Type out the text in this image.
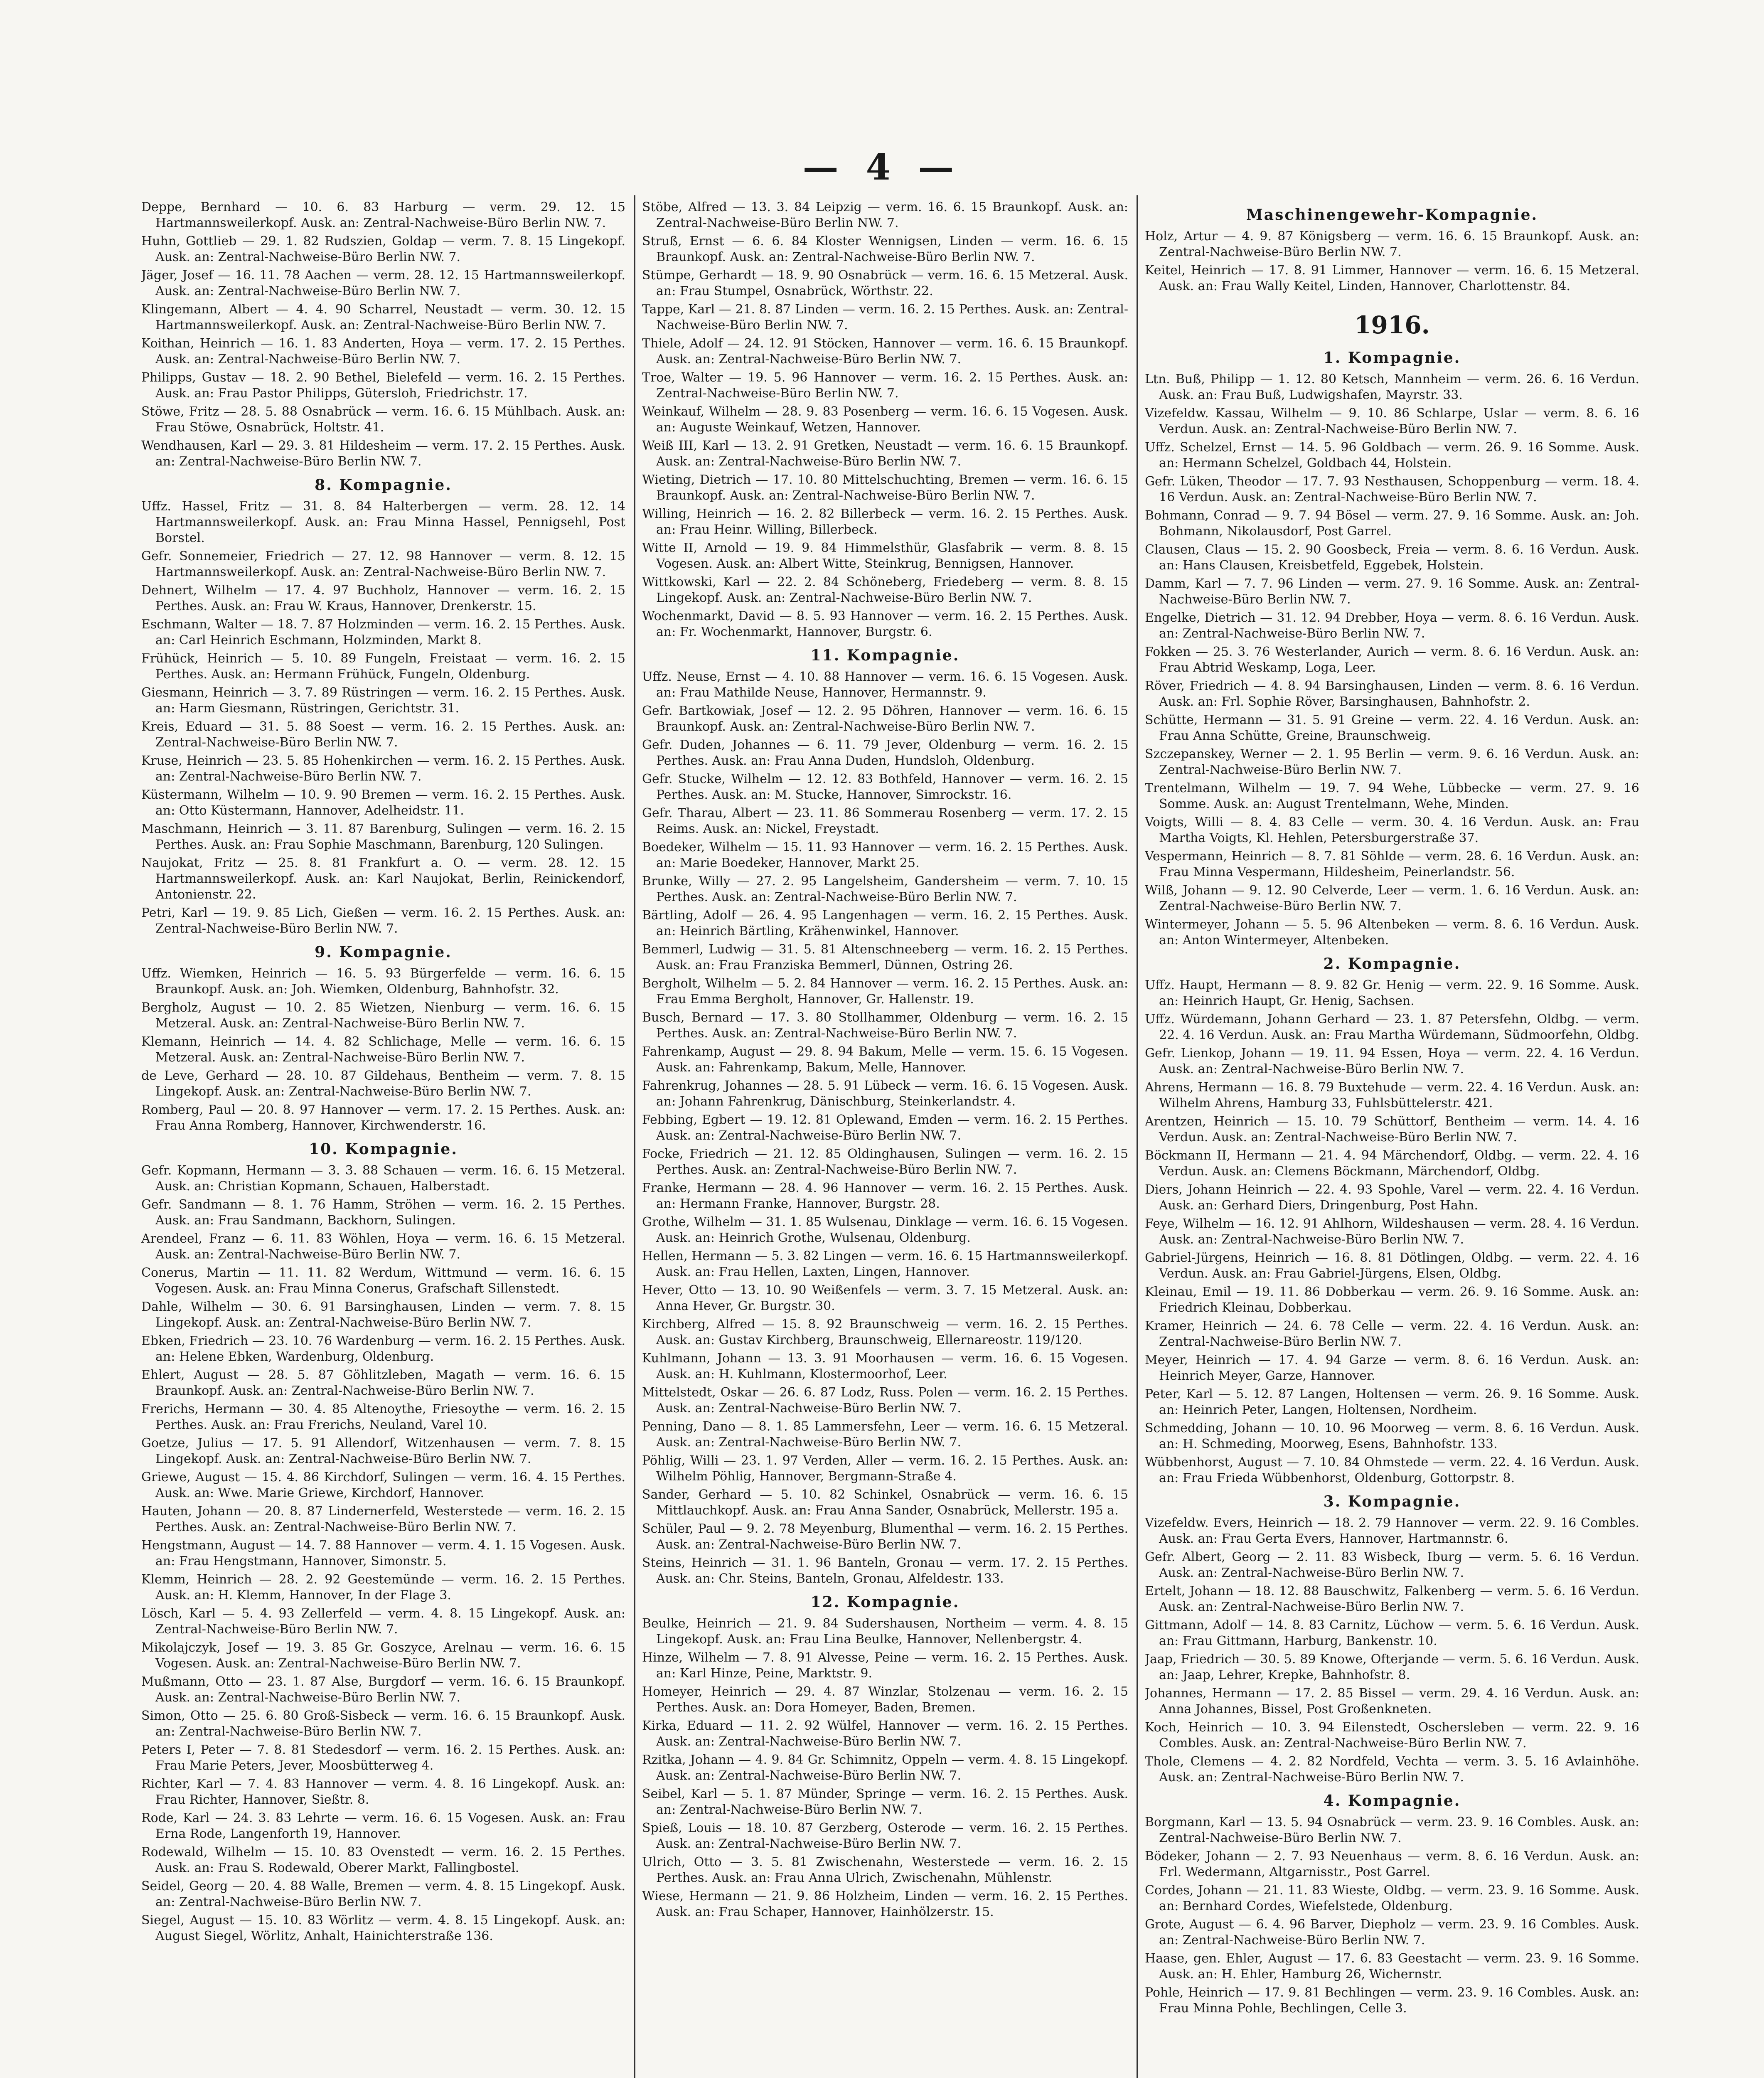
— 4 —
Deppe, Bernhard — 10. 6. 83 Harburg — verm. 29. 12. 15 Hartmannsweilerkopf. Ausk. an: Zentral-Nachweise-Büro Berlin NW. 7.
Huhn, Gottlieb — 29. 1. 82 Rudszien, Goldap — verm. 7. 8. 15 Lingekopf. Ausk. an: Zentral-Nachweise-Büro Berlin NW. 7.
Jäger, Josef — 16. 11. 78 Aachen — verm. 28. 12. 15 Hartmannsweilerkopf. Ausk. an: Zentral-Nachweise-Büro Berlin NW. 7.
Klingemann, Albert — 4. 4. 90 Scharrel, Neustadt — verm. 30. 12. 15 Hartmannsweilerkopf. Ausk. an: Zentral-Nachweise-Büro Berlin NW. 7.
Koithan, Heinrich — 16. 1. 83 Anderten, Hoya — verm. 17. 2. 15 Perthes. Ausk. an: Zentral-Nachweise-Büro Berlin NW. 7.
Philipps, Gustav — 18. 2. 90 Bethel, Bielefeld — verm. 16. 2. 15 Perthes. Ausk. an: Frau Pastor Philipps, Gütersloh, Friedrichstr. 17.
Stöwe, Fritz — 28. 5. 88 Osnabrück — verm. 16. 6. 15 Mühlbach. Ausk. an: Frau Stöwe, Osnabrück, Holtstr. 41.
Wendhausen, Karl — 29. 3. 81 Hildesheim — verm. 17. 2. 15 Perthes. Ausk. an: Zentral-Nachweise-Büro Berlin NW. 7.
8. Kompagnie.
Uffz. Hassel, Fritz — 31. 8. 84 Halterbergen — verm. 28. 12. 14 Hartmannsweilerkopf. Ausk. an: Frau Minna Hassel, Pennigsehl, Post Borstel.
Gefr. Sonnemeier, Friedrich — 27. 12. 98 Hannover — verm. 8. 12. 15 Hartmannsweilerkopf. Ausk. an: Zentral-Nachweise-Büro Berlin NW. 7.
Dehnert, Wilhelm — 17. 4. 97 Buchholz, Hannover — verm. 16. 2. 15 Perthes. Ausk. an: Frau W. Kraus, Hannover, Drenkerstr. 15.
Eschmann, Walter — 18. 7. 87 Holzminden — verm. 16. 2. 15 Perthes. Ausk. an: Carl Heinrich Eschmann, Holzminden, Markt 8.
Frühück, Heinrich — 5. 10. 89 Fungeln, Freistaat — verm. 16. 2. 15 Perthes. Ausk. an: Hermann Frühück, Fungeln, Oldenburg.
Giesmann, Heinrich — 3. 7. 89 Rüstringen — verm. 16. 2. 15 Perthes. Ausk. an: Harm Giesmann, Rüstringen, Gerichtstr. 31.
Kreis, Eduard — 31. 5. 88 Soest — verm. 16. 2. 15 Perthes. Ausk. an: Zentral-Nachweise-Büro Berlin NW. 7.
Kruse, Heinrich — 23. 5. 85 Hohenkirchen — verm. 16. 2. 15 Perthes. Ausk. an: Zentral-Nachweise-Büro Berlin NW. 7.
Küstermann, Wilhelm — 10. 9. 90 Bremen — verm. 16. 2. 15 Perthes. Ausk. an: Otto Küstermann, Hannover, Adelheidstr. 11.
Maschmann, Heinrich — 3. 11. 87 Barenburg, Sulingen — verm. 16. 2. 15 Perthes. Ausk. an: Frau Sophie Maschmann, Barenburg, 120 Sulingen.
Naujokat, Fritz — 25. 8. 81 Frankfurt a. O. — verm. 28. 12. 15 Hartmannsweilerkopf. Ausk. an: Karl Naujokat, Berlin, Reinickendorf, Antonienstr. 22.
Petri, Karl — 19. 9. 85 Lich, Gießen — verm. 16. 2. 15 Perthes. Ausk. an: Zentral-Nachweise-Büro Berlin NW. 7.
9. Kompagnie.
Uffz. Wiemken, Heinrich — 16. 5. 93 Bürgerfelde — verm. 16. 6. 15 Braunkopf. Ausk. an: Joh. Wiemken, Oldenburg, Bahnhofstr. 32.
Bergholz, August — 10. 2. 85 Wietzen, Nienburg — verm. 16. 6. 15 Metzeral. Ausk. an: Zentral-Nachweise-Büro Berlin NW. 7.
Klemann, Heinrich — 14. 4. 82 Schlichage, Melle — verm. 16. 6. 15 Metzeral. Ausk. an: Zentral-Nachweise-Büro Berlin NW. 7.
de Leve, Gerhard — 28. 10. 87 Gildehaus, Bentheim — verm. 7. 8. 15 Lingekopf. Ausk. an: Zentral-Nachweise-Büro Berlin NW. 7.
Romberg, Paul — 20. 8. 97 Hannover — verm. 17. 2. 15 Perthes. Ausk. an: Frau Anna Romberg, Hannover, Kirchwenderstr. 16.
10. Kompagnie.
Gefr. Kopmann, Hermann — 3. 3. 88 Schauen — verm. 16. 6. 15 Metzeral. Ausk. an: Christian Kopmann, Schauen, Halberstadt.
Gefr. Sandmann — 8. 1. 76 Hamm, Ströhen — verm. 16. 2. 15 Perthes. Ausk. an: Frau Sandmann, Backhorn, Sulingen.
Arendeel, Franz — 6. 11. 83 Wöhlen, Hoya — verm. 16. 6. 15 Metzeral. Ausk. an: Zentral-Nachweise-Büro Berlin NW. 7.
Conerus, Martin — 11. 11. 82 Werdum, Wittmund — verm. 16. 6. 15 Vogesen. Ausk. an: Frau Minna Conerus, Grafschaft Sillenstedt.
Dahle, Wilhelm — 30. 6. 91 Barsinghausen, Linden — verm. 7. 8. 15 Lingekopf. Ausk. an: Zentral-Nachweise-Büro Berlin NW. 7.
Ebken, Friedrich — 23. 10. 76 Wardenburg — verm. 16. 2. 15 Perthes. Ausk. an: Helene Ebken, Wardenburg, Oldenburg.
Ehlert, August — 28. 5. 87 Göhlitzleben, Magath — verm. 16. 6. 15 Braunkopf. Ausk. an: Zentral-Nachweise-Büro Berlin NW. 7.
Frerichs, Hermann — 30. 4. 85 Altenoythe, Friesoythe — verm. 16. 2. 15 Perthes. Ausk. an: Frau Frerichs, Neuland, Varel 10.
Goetze, Julius — 17. 5. 91 Allendorf, Witzenhausen — verm. 7. 8. 15 Lingekopf. Ausk. an: Zentral-Nachweise-Büro Berlin NW. 7.
Griewe, August — 15. 4. 86 Kirchdorf, Sulingen — verm. 16. 4. 15 Perthes. Ausk. an: Wwe. Marie Griewe, Kirchdorf, Hannover.
Hauten, Johann — 20. 8. 87 Lindernerfeld, Westerstede — verm. 16. 2. 15 Perthes. Ausk. an: Zentral-Nachweise-Büro Berlin NW. 7.
Hengstmann, August — 14. 7. 88 Hannover — verm. 4. 1. 15 Vogesen. Ausk. an: Frau Hengstmann, Hannover, Simonstr. 5.
Klemm, Heinrich — 28. 2. 92 Geestemünde — verm. 16. 2. 15 Perthes. Ausk. an: H. Klemm, Hannover, In der Flage 3.
Lösch, Karl — 5. 4. 93 Zellerfeld — verm. 4. 8. 15 Lingekopf. Ausk. an: Zentral-Nachweise-Büro Berlin NW. 7.
Mikolajczyk, Josef — 19. 3. 85 Gr. Goszyce, Arelnau — verm. 16. 6. 15 Vogesen. Ausk. an: Zentral-Nachweise-Büro Berlin NW. 7.
Mußmann, Otto — 23. 1. 87 Alse, Burgdorf — verm. 16. 6. 15 Braunkopf. Ausk. an: Zentral-Nachweise-Büro Berlin NW. 7.
Simon, Otto — 25. 6. 80 Groß-Sisbeck — verm. 16. 6. 15 Braunkopf. Ausk. an: Zentral-Nachweise-Büro Berlin NW. 7.
Peters I, Peter — 7. 8. 81 Stedesdorf — verm. 16. 2. 15 Perthes. Ausk. an: Frau Marie Peters, Jever, Moosbütterweg 4.
Richter, Karl — 7. 4. 83 Hannover — verm. 4. 8. 16 Lingekopf. Ausk. an: Frau Richter, Hannover, Sießtr. 8.
Rode, Karl — 24. 3. 83 Lehrte — verm. 16. 6. 15 Vogesen. Ausk. an: Frau Erna Rode, Langenforth 19, Hannover.
Rodewald, Wilhelm — 15. 10. 83 Ovenstedt — verm. 16. 2. 15 Perthes. Ausk. an: Frau S. Rodewald, Oberer Markt, Fallingbostel.
Seidel, Georg — 20. 4. 88 Walle, Bremen — verm. 4. 8. 15 Lingekopf. Ausk. an: Zentral-Nachweise-Büro Berlin NW. 7.
Siegel, August — 15. 10. 83 Wörlitz — verm. 4. 8. 15 Lingekopf. Ausk. an: August Siegel, Wörlitz, Anhalt, Hainichterstraße 136.
Stöbe, Alfred — 13. 3. 84 Leipzig — verm. 16. 6. 15 Braunkopf. Ausk. an: Zentral-Nachweise-Büro Berlin NW. 7.
Struß, Ernst — 6. 6. 84 Kloster Wennigsen, Linden — verm. 16. 6. 15 Braunkopf. Ausk. an: Zentral-Nachweise-Büro Berlin NW. 7.
Stümpe, Gerhardt — 18. 9. 90 Osnabrück — verm. 16. 6. 15 Metzeral. Ausk. an: Frau Stumpel, Osnabrück, Wörthstr. 22.
Tappe, Karl — 21. 8. 87 Linden — verm. 16. 2. 15 Perthes. Ausk. an: Zentral-Nachweise-Büro Berlin NW. 7.
Thiele, Adolf — 24. 12. 91 Stöcken, Hannover — verm. 16. 6. 15 Braunkopf. Ausk. an: Zentral-Nachweise-Büro Berlin NW. 7.
Troe, Walter — 19. 5. 96 Hannover — verm. 16. 2. 15 Perthes. Ausk. an: Zentral-Nachweise-Büro Berlin NW. 7.
Weinkauf, Wilhelm — 28. 9. 83 Posenberg — verm. 16. 6. 15 Vogesen. Ausk. an: Auguste Weinkauf, Wetzen, Hannover.
Weiß III, Karl — 13. 2. 91 Gretken, Neustadt — verm. 16. 6. 15 Braunkopf. Ausk. an: Zentral-Nachweise-Büro Berlin NW. 7.
Wieting, Dietrich — 17. 10. 80 Mittelschuchting, Bremen — verm. 16. 6. 15 Braunkopf. Ausk. an: Zentral-Nachweise-Büro Berlin NW. 7.
Willing, Heinrich — 16. 2. 82 Billerbeck — verm. 16. 2. 15 Perthes. Ausk. an: Frau Heinr. Willing, Billerbeck.
Witte II, Arnold — 19. 9. 84 Himmelsthür, Glasfabrik — verm. 8. 8. 15 Vogesen. Ausk. an: Albert Witte, Steinkrug, Bennigsen, Hannover.
Wittkowski, Karl — 22. 2. 84 Schöneberg, Friedeberg — verm. 8. 8. 15 Lingekopf. Ausk. an: Zentral-Nachweise-Büro Berlin NW. 7.
Wochenmarkt, David — 8. 5. 93 Hannover — verm. 16. 2. 15 Perthes. Ausk. an: Fr. Wochenmarkt, Hannover, Burgstr. 6.
11. Kompagnie.
Uffz. Neuse, Ernst — 4. 10. 88 Hannover — verm. 16. 6. 15 Vogesen. Ausk. an: Frau Mathilde Neuse, Hannover, Hermannstr. 9.
Gefr. Bartkowiak, Josef — 12. 2. 95 Döhren, Hannover — verm. 16. 6. 15 Braunkopf. Ausk. an: Zentral-Nachweise-Büro Berlin NW. 7.
Gefr. Duden, Johannes — 6. 11. 79 Jever, Oldenburg — verm. 16. 2. 15 Perthes. Ausk. an: Frau Anna Duden, Hundsloh, Oldenburg.
Gefr. Stucke, Wilhelm — 12. 12. 83 Bothfeld, Hannover — verm. 16. 2. 15 Perthes. Ausk. an: M. Stucke, Hannover, Simrockstr. 16.
Gefr. Tharau, Albert — 23. 11. 86 Sommerau Rosenberg — verm. 17. 2. 15 Reims. Ausk. an: Nickel, Freystadt.
Boedeker, Wilhelm — 15. 11. 93 Hannover — verm. 16. 2. 15 Perthes. Ausk. an: Marie Boedeker, Hannover, Markt 25.
Brunke, Willy — 27. 2. 95 Langelsheim, Gandersheim — verm. 7. 10. 15 Perthes. Ausk. an: Zentral-Nachweise-Büro Berlin NW. 7.
Bärtling, Adolf — 26. 4. 95 Langenhagen — verm. 16. 2. 15 Perthes. Ausk. an: Heinrich Bärtling, Krähenwinkel, Hannover.
Bemmerl, Ludwig — 31. 5. 81 Altenschneeberg — verm. 16. 2. 15 Perthes. Ausk. an: Frau Franziska Bemmerl, Dünnen, Ostring 26.
Bergholt, Wilhelm — 5. 2. 84 Hannover — verm. 16. 2. 15 Perthes. Ausk. an: Frau Emma Bergholt, Hannover, Gr. Hallenstr. 19.
Busch, Bernard — 17. 3. 80 Stollhammer, Oldenburg — verm. 16. 2. 15 Perthes. Ausk. an: Zentral-Nachweise-Büro Berlin NW. 7.
Fahrenkamp, August — 29. 8. 94 Bakum, Melle — verm. 15. 6. 15 Vogesen. Ausk. an: Fahrenkamp, Bakum, Melle, Hannover.
Fahrenkrug, Johannes — 28. 5. 91 Lübeck — verm. 16. 6. 15 Vogesen. Ausk. an: Johann Fahrenkrug, Dänischburg, Steinkerlandstr. 4.
Febbing, Egbert — 19. 12. 81 Oplewand, Emden — verm. 16. 2. 15 Perthes. Ausk. an: Zentral-Nachweise-Büro Berlin NW. 7.
Focke, Friedrich — 21. 12. 85 Oldinghausen, Sulingen — verm. 16. 2. 15 Perthes. Ausk. an: Zentral-Nachweise-Büro Berlin NW. 7.
Franke, Hermann — 28. 4. 96 Hannover — verm. 16. 2. 15 Perthes. Ausk. an: Hermann Franke, Hannover, Burgstr. 28.
Grothe, Wilhelm — 31. 1. 85 Wulsenau, Dinklage — verm. 16. 6. 15 Vogesen. Ausk. an: Heinrich Grothe, Wulsenau, Oldenburg.
Hellen, Hermann — 5. 3. 82 Lingen — verm. 16. 6. 15 Hartmannsweilerkopf. Ausk. an: Frau Hellen, Laxten, Lingen, Hannover.
Hever, Otto — 13. 10. 90 Weißenfels — verm. 3. 7. 15 Metzeral. Ausk. an: Anna Hever, Gr. Burgstr. 30.
Kirchberg, Alfred — 15. 8. 92 Braunschweig — verm. 16. 2. 15 Perthes. Ausk. an: Gustav Kirchberg, Braunschweig, Ellernareostr. 119/120.
Kuhlmann, Johann — 13. 3. 91 Moorhausen — verm. 16. 6. 15 Vogesen. Ausk. an: H. Kuhlmann, Klostermoorhof, Leer.
Mittelstedt, Oskar — 26. 6. 87 Lodz, Russ. Polen — verm. 16. 2. 15 Perthes. Ausk. an: Zentral-Nachweise-Büro Berlin NW. 7.
Penning, Dano — 8. 1. 85 Lammersfehn, Leer — verm. 16. 6. 15 Metzeral. Ausk. an: Zentral-Nachweise-Büro Berlin NW. 7.
Pöhlig, Willi — 23. 1. 97 Verden, Aller — verm. 16. 2. 15 Perthes. Ausk. an: Wilhelm Pöhlig, Hannover, Bergmann-Straße 4.
Sander, Gerhard — 5. 10. 82 Schinkel, Osnabrück — verm. 16. 6. 15 Mittlauchkopf. Ausk. an: Frau Anna Sander, Osnabrück, Mellerstr. 195 a.
Schüler, Paul — 9. 2. 78 Meyenburg, Blumenthal — verm. 16. 2. 15 Perthes. Ausk. an: Zentral-Nachweise-Büro Berlin NW. 7.
Steins, Heinrich — 31. 1. 96 Banteln, Gronau — verm. 17. 2. 15 Perthes. Ausk. an: Chr. Steins, Banteln, Gronau, Alfeldestr. 133.
12. Kompagnie.
Beulke, Heinrich — 21. 9. 84 Sudershausen, Northeim — verm. 4. 8. 15 Lingekopf. Ausk. an: Frau Lina Beulke, Hannover, Nellenbergstr. 4.
Hinze, Wilhelm — 7. 8. 91 Alvesse, Peine — verm. 16. 2. 15 Perthes. Ausk. an: Karl Hinze, Peine, Marktstr. 9.
Homeyer, Heinrich — 29. 4. 87 Winzlar, Stolzenau — verm. 16. 2. 15 Perthes. Ausk. an: Dora Homeyer, Baden, Bremen.
Kirka, Eduard — 11. 2. 92 Wülfel, Hannover — verm. 16. 2. 15 Perthes. Ausk. an: Zentral-Nachweise-Büro Berlin NW. 7.
Rzitka, Johann — 4. 9. 84 Gr. Schimnitz, Oppeln — verm. 4. 8. 15 Lingekopf. Ausk. an: Zentral-Nachweise-Büro Berlin NW. 7.
Seibel, Karl — 5. 1. 87 Münder, Springe — verm. 16. 2. 15 Perthes. Ausk. an: Zentral-Nachweise-Büro Berlin NW. 7.
Spieß, Louis — 18. 10. 87 Gerzberg, Osterode — verm. 16. 2. 15 Perthes. Ausk. an: Zentral-Nachweise-Büro Berlin NW. 7.
Ulrich, Otto — 3. 5. 81 Zwischenahn, Westerstede — verm. 16. 2. 15 Perthes. Ausk. an: Frau Anna Ulrich, Zwischenahn, Mühlenstr.
Wiese, Hermann — 21. 9. 86 Holzheim, Linden — verm. 16. 2. 15 Perthes. Ausk. an: Frau Schaper, Hannover, Hainhölzerstr. 15.
Maschinengewehr-Kompagnie.
Holz, Artur — 4. 9. 87 Königsberg — verm. 16. 6. 15 Braunkopf. Ausk. an: Zentral-Nachweise-Büro Berlin NW. 7.
Keitel, Heinrich — 17. 8. 91 Limmer, Hannover — verm. 16. 6. 15 Metzeral. Ausk. an: Frau Wally Keitel, Linden, Hannover, Charlottenstr. 84.
1916.
1. Kompagnie.
Ltn. Buß, Philipp — 1. 12. 80 Ketsch, Mannheim — verm. 26. 6. 16 Verdun. Ausk. an: Frau Buß, Ludwigshafen, Mayrstr. 33.
Vizefeldw. Kassau, Wilhelm — 9. 10. 86 Schlarpe, Uslar — verm. 8. 6. 16 Verdun. Ausk. an: Zentral-Nachweise-Büro Berlin NW. 7.
Uffz. Schelzel, Ernst — 14. 5. 96 Goldbach — verm. 26. 9. 16 Somme. Ausk. an: Hermann Schelzel, Goldbach 44, Holstein.
Gefr. Lüken, Theodor — 17. 7. 93 Nesthausen, Schoppenburg — verm. 18. 4. 16 Verdun. Ausk. an: Zentral-Nachweise-Büro Berlin NW. 7.
Bohmann, Conrad — 9. 7. 94 Bösel — verm. 27. 9. 16 Somme. Ausk. an: Joh. Bohmann, Nikolausdorf, Post Garrel.
Clausen, Claus — 15. 2. 90 Goosbeck, Freia — verm. 8. 6. 16 Verdun. Ausk. an: Hans Clausen, Kreisbetfeld, Eggebek, Holstein.
Damm, Karl — 7. 7. 96 Linden — verm. 27. 9. 16 Somme. Ausk. an: Zentral-Nachweise-Büro Berlin NW. 7.
Engelke, Dietrich — 31. 12. 94 Drebber, Hoya — verm. 8. 6. 16 Verdun. Ausk. an: Zentral-Nachweise-Büro Berlin NW. 7.
Fokken — 25. 3. 76 Westerlander, Aurich — verm. 8. 6. 16 Verdun. Ausk. an: Frau Abtrid Weskamp, Loga, Leer.
Röver, Friedrich — 4. 8. 94 Barsinghausen, Linden — verm. 8. 6. 16 Verdun. Ausk. an: Frl. Sophie Röver, Barsinghausen, Bahnhofstr. 2.
Schütte, Hermann — 31. 5. 91 Greine — verm. 22. 4. 16 Verdun. Ausk. an: Frau Anna Schütte, Greine, Braunschweig.
Szczepanskey, Werner — 2. 1. 95 Berlin — verm. 9. 6. 16 Verdun. Ausk. an: Zentral-Nachweise-Büro Berlin NW. 7.
Trentelmann, Wilhelm — 19. 7. 94 Wehe, Lübbecke — verm. 27. 9. 16 Somme. Ausk. an: August Trentelmann, Wehe, Minden.
Voigts, Willi — 8. 4. 83 Celle — verm. 30. 4. 16 Verdun. Ausk. an: Frau Martha Voigts, Kl. Hehlen, Petersburgerstraße 37.
Vespermann, Heinrich — 8. 7. 81 Söhlde — verm. 28. 6. 16 Verdun. Ausk. an: Frau Minna Vespermann, Hildesheim, Peinerlandstr. 56.
Wilß, Johann — 9. 12. 90 Celverde, Leer — verm. 1. 6. 16 Verdun. Ausk. an: Zentral-Nachweise-Büro Berlin NW. 7.
Wintermeyer, Johann — 5. 5. 96 Altenbeken — verm. 8. 6. 16 Verdun. Ausk. an: Anton Wintermeyer, Altenbeken.
2. Kompagnie.
Uffz. Haupt, Hermann — 8. 9. 82 Gr. Henig — verm. 22. 9. 16 Somme. Ausk. an: Heinrich Haupt, Gr. Henig, Sachsen.
Uffz. Würdemann, Johann Gerhard — 23. 1. 87 Petersfehn, Oldbg. — verm. 22. 4. 16 Verdun. Ausk. an: Frau Martha Würdemann, Südmoorfehn, Oldbg.
Gefr. Lienkop, Johann — 19. 11. 94 Essen, Hoya — verm. 22. 4. 16 Verdun. Ausk. an: Zentral-Nachweise-Büro Berlin NW. 7.
Ahrens, Hermann — 16. 8. 79 Buxtehude — verm. 22. 4. 16 Verdun. Ausk. an: Wilhelm Ahrens, Hamburg 33, Fuhlsbüttelerstr. 421.
Arentzen, Heinrich — 15. 10. 79 Schüttorf, Bentheim — verm. 14. 4. 16 Verdun. Ausk. an: Zentral-Nachweise-Büro Berlin NW. 7.
Böckmann II, Hermann — 21. 4. 94 Märchendorf, Oldbg. — verm. 22. 4. 16 Verdun. Ausk. an: Clemens Böckmann, Märchendorf, Oldbg.
Diers, Johann Heinrich — 22. 4. 93 Spohle, Varel — verm. 22. 4. 16 Verdun. Ausk. an: Gerhard Diers, Dringenburg, Post Hahn.
Feye, Wilhelm — 16. 12. 91 Ahlhorn, Wildeshausen — verm. 28. 4. 16 Verdun. Ausk. an: Zentral-Nachweise-Büro Berlin NW. 7.
Gabriel-Jürgens, Heinrich — 16. 8. 81 Dötlingen, Oldbg. — verm. 22. 4. 16 Verdun. Ausk. an: Frau Gabriel-Jürgens, Elsen, Oldbg.
Kleinau, Emil — 19. 11. 86 Dobberkau — verm. 26. 9. 16 Somme. Ausk. an: Friedrich Kleinau, Dobberkau.
Kramer, Heinrich — 24. 6. 78 Celle — verm. 22. 4. 16 Verdun. Ausk. an: Zentral-Nachweise-Büro Berlin NW. 7.
Meyer, Heinrich — 17. 4. 94 Garze — verm. 8. 6. 16 Verdun. Ausk. an: Heinrich Meyer, Garze, Hannover.
Peter, Karl — 5. 12. 87 Langen, Holtensen — verm. 26. 9. 16 Somme. Ausk. an: Heinrich Peter, Langen, Holtensen, Nordheim.
Schmedding, Johann — 10. 10. 96 Moorweg — verm. 8. 6. 16 Verdun. Ausk. an: H. Schmeding, Moorweg, Esens, Bahnhofstr. 133.
Wübbenhorst, August — 7. 10. 84 Ohmstede — verm. 22. 4. 16 Verdun. Ausk. an: Frau Frieda Wübbenhorst, Oldenburg, Gottorpstr. 8.
3. Kompagnie.
Vizefeldw. Evers, Heinrich — 18. 2. 79 Hannover — verm. 22. 9. 16 Combles. Ausk. an: Frau Gerta Evers, Hannover, Hartmannstr. 6.
Gefr. Albert, Georg — 2. 11. 83 Wisbeck, Iburg — verm. 5. 6. 16 Verdun. Ausk. an: Zentral-Nachweise-Büro Berlin NW. 7.
Ertelt, Johann — 18. 12. 88 Bauschwitz, Falkenberg — verm. 5. 6. 16 Verdun. Ausk. an: Zentral-Nachweise-Büro Berlin NW. 7.
Gittmann, Adolf — 14. 8. 83 Carnitz, Lüchow — verm. 5. 6. 16 Verdun. Ausk. an: Frau Gittmann, Harburg, Bankenstr. 10.
Jaap, Friedrich — 30. 5. 89 Knowe, Ofterjande — verm. 5. 6. 16 Verdun. Ausk. an: Jaap, Lehrer, Krepke, Bahnhofstr. 8.
Johannes, Hermann — 17. 2. 85 Bissel — verm. 29. 4. 16 Verdun. Ausk. an: Anna Johannes, Bissel, Post Großenkneten.
Koch, Heinrich — 10. 3. 94 Eilenstedt, Oschersleben — verm. 22. 9. 16 Combles. Ausk. an: Zentral-Nachweise-Büro Berlin NW. 7.
Thole, Clemens — 4. 2. 82 Nordfeld, Vechta — verm. 3. 5. 16 Avlainhöhe. Ausk. an: Zentral-Nachweise-Büro Berlin NW. 7.
4. Kompagnie.
Borgmann, Karl — 13. 5. 94 Osnabrück — verm. 23. 9. 16 Combles. Ausk. an: Zentral-Nachweise-Büro Berlin NW. 7.
Bödeker, Johann — 2. 7. 93 Neuenhaus — verm. 8. 6. 16 Verdun. Ausk. an: Frl. Wedermann, Altgarnisstr., Post Garrel.
Cordes, Johann — 21. 11. 83 Wieste, Oldbg. — verm. 23. 9. 16 Somme. Ausk. an: Bernhard Cordes, Wiefelstede, Oldenburg.
Grote, August — 6. 4. 96 Barver, Diepholz — verm. 23. 9. 16 Combles. Ausk. an: Zentral-Nachweise-Büro Berlin NW. 7.
Haase, gen. Ehler, August — 17. 6. 83 Geestacht — verm. 23. 9. 16 Somme. Ausk. an: H. Ehler, Hamburg 26, Wichernstr.
Pohle, Heinrich — 17. 9. 81 Bechlingen — verm. 23. 9. 16 Combles. Ausk. an: Frau Minna Pohle, Bechlingen, Celle 3.
